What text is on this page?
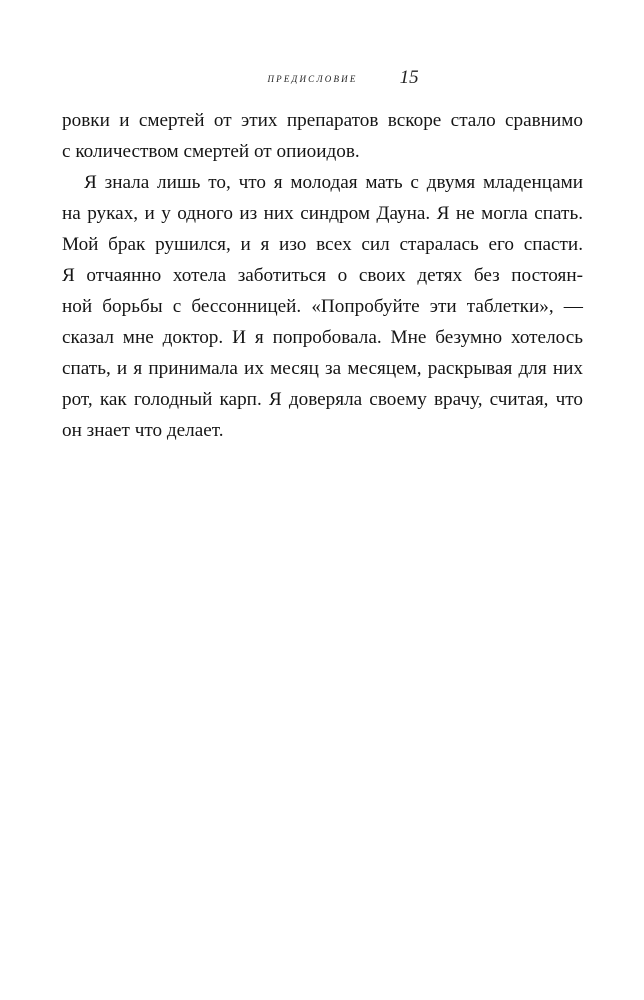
предисловие 15

ровки и смертей от этих препаратов вскоре стало сравнимо
с количеством смертей от опиоидов.

Я знала лишь то, что я молодая мать с двумя младенцами
на руках, и у одного из них синдром Дауна. Я не могла спать.
Мой брак рушился, и я изо всех сил старалась его спасти.
Я отчаянно хотела заботиться о своих детях без постоян-
ной борьбы с бессонницей. «Попробуйте эти таблетки», —
сказал мне доктор. И я попробовала. Мне безумно хотелось
спать, и я принимала их месяц за месяцем, раскрывая для них
рот, как голодный карп. Я доверяла своему врачу, считая, что
он знает что делает.
